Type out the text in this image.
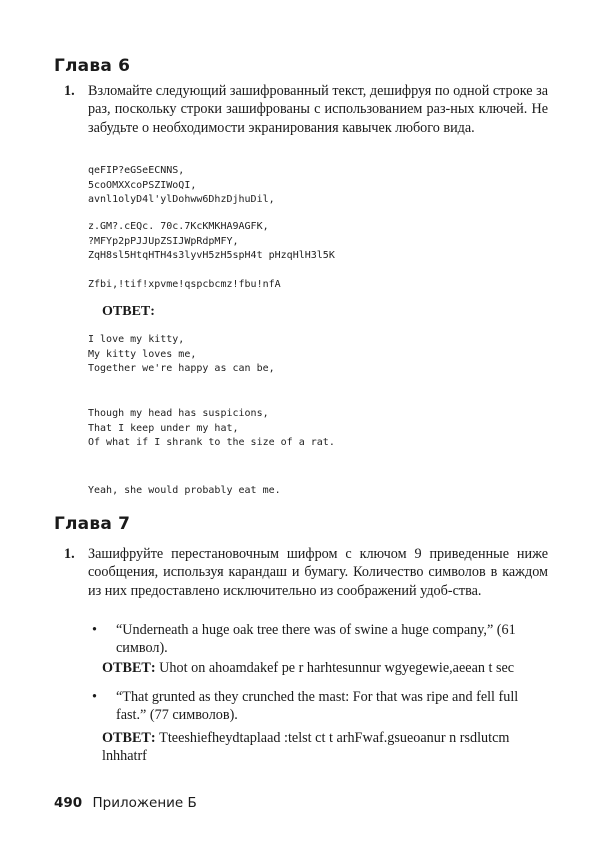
Глава 6
1. Взломайте следующий зашифрованный текст, дешифруя по одной строке за раз, поскольку строки зашифрованы с использованием раз-ных ключей. Не забудьте о необходимости экранирования кавычек любого вида.
qeFIP?eGSeECNNS,
5coOMXXcoPSZIWoQI,
avnl1olyD4l'ylDohww6DhzDjhuDil,
z.GM?.cEQc. 70c.7KcKMKHA9AGFK,
?MFYp2pPJJUpZSIJWpRdpMFY,
ZqH8sl5HtqHTH4s3lyvH5zH5spH4t pHzqHlH3l5K
Zfbi,!tif!xpvme!qspcbcmz!fbu!nfA
ОТВЕТ:
I love my kitty,
My kitty loves me,
Together we're happy as can be,
Though my head has suspicions,
That I keep under my hat,
Of what if I shrank to the size of a rat.
Yeah, she would probably eat me.
Глава 7
1. Зашифруйте перестановочным шифром с ключом 9 приведенные ниже сообщения, используя карандаш и бумагу. Количество символов в каждом из них предоставлено исключительно из соображений удоб-ства.
• “Underneath a huge oak tree there was of swine a huge company,” (61 символ).
ОТВЕТ: Uhot on ahoamdakef pe r harhtesunnur wgyegewie,aeean t sec
• “That grunted as they crunched the mast: For that was ripe and fell full fast.” (77 символов).
ОТВЕТ: Tteeshiefheydtaplaad :telst ct t arhFwaf.gsueoanur n rsdlutcm lnhhatrf
490 Приложение Б
